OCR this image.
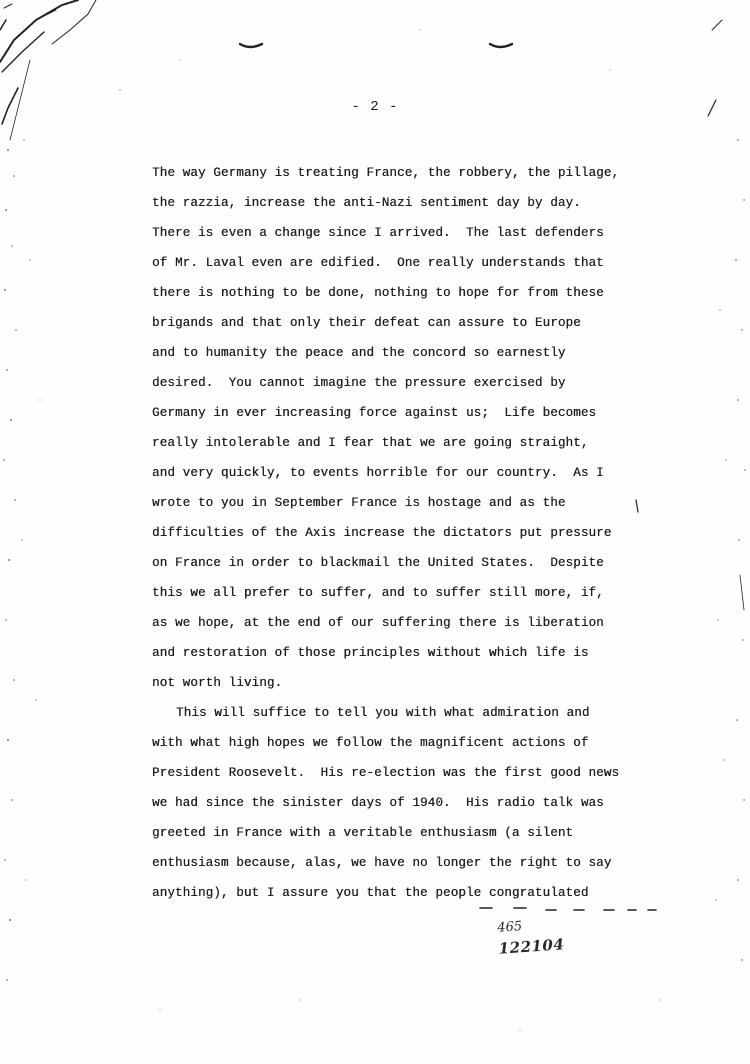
- 2 -
The way Germany is treating France, the robbery, the pillage,
the razzia, increase the anti-Nazi sentiment day by day.
There is even a change since I arrived.  The last defenders
of Mr. Laval even are edified.  One really understands that
there is nothing to be done, nothing to hope for from these
brigands and that only their defeat can assure to Europe
and to humanity the peace and the concord so earnestly
desired.  You cannot imagine the pressure exercised by
Germany in ever increasing force against us;  Life becomes
really intolerable and I fear that we are going straight,
and very quickly, to events horrible for our country.  As I
wrote to you in September France is hostage and as the
difficulties of the Axis increase the dictators put pressure
on France in order to blackmail the United States.  Despite
this we all prefer to suffer, and to suffer still more, if,
as we hope, at the end of our suffering there is liberation
and restoration of those principles without which life is
not worth living.
This will suffice to tell you with what admiration and
with what high hopes we follow the magnificent actions of
President Roosevelt.  His re-election was the first good news
we had since the sinister days of 1940.  His radio talk was
greeted in France with a veritable enthusiasm (a silent
enthusiasm because, alas, we have no longer the right to say
anything), but I assure you that the people congratulated
465
122104
